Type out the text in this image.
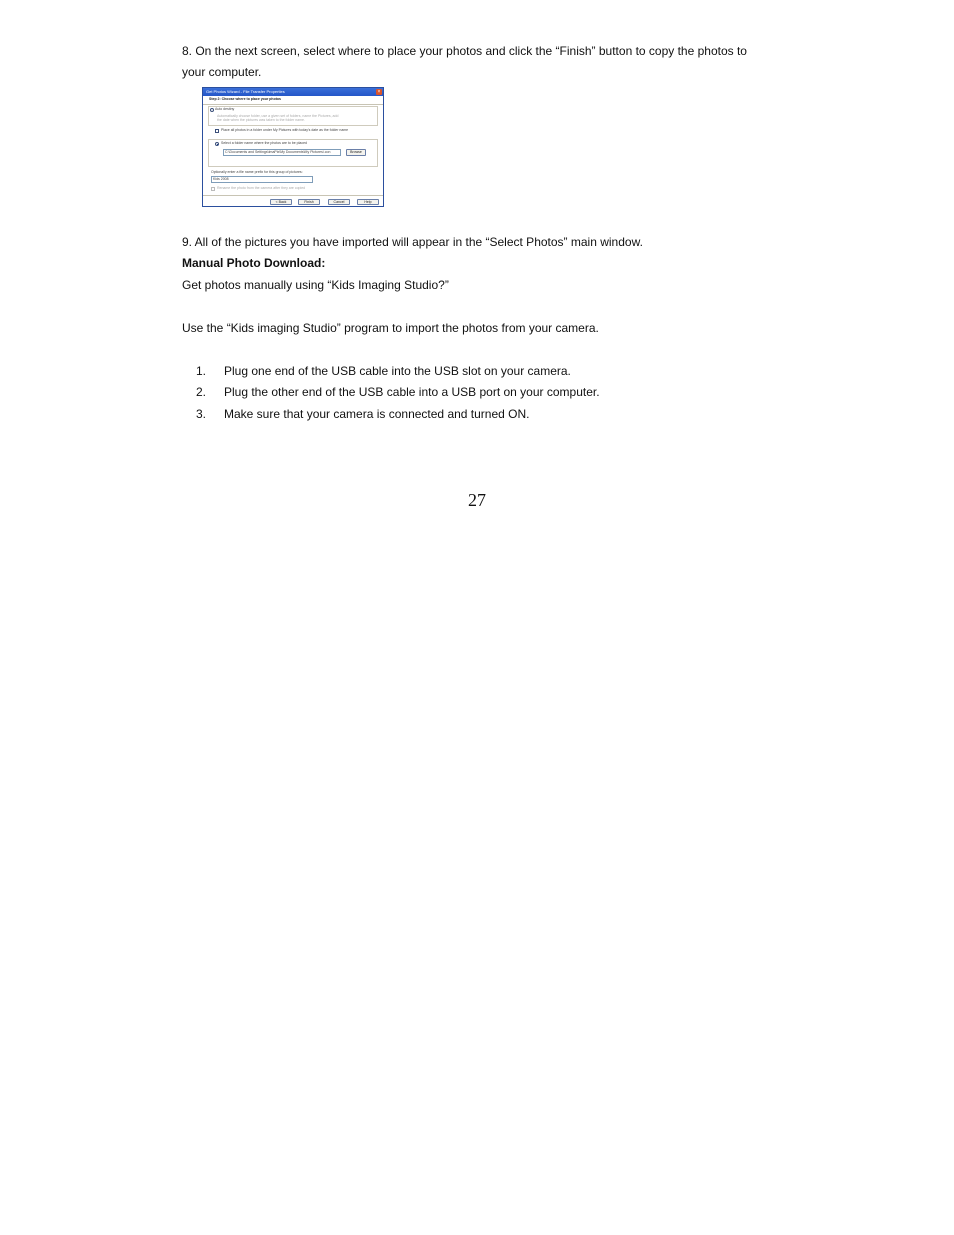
8. On the next screen, select where to place your photos and click the “Finish” button to copy the photos to
your computer.
Get Photos Wizard - File Transfer Properties	×
Step 2: Choose where to place your photos
Auto destiny
Automatically choose folder, use a given set of folders, name the Pictures, add
the date when the pictures was taken to the folder name.
Place all photos in a folder under My Pictures with today's date as the folder name
Select a folder name where the photos are to be placed
C:\Documents and Settings\ImaPix\My Documents\My Pictures\.con	Browse
Optionally enter a file name prefix for this group of pictures:
Kids 2008
Rename the photo from the camera after they are copied
< Back	Finish	Cancel	Help
9. All of the pictures you have imported will appear in the “Select Photos” main window.
Manual Photo Download:
Get photos manually using “Kids Imaging Studio?”
Use the “Kids imaging Studio” program to import the photos from your camera.
1. Plug one end of the USB cable into the USB slot on your camera.
2. Plug the other end of the USB cable into a USB port on your computer.
3. Make sure that your camera is connected and turned ON.
27
